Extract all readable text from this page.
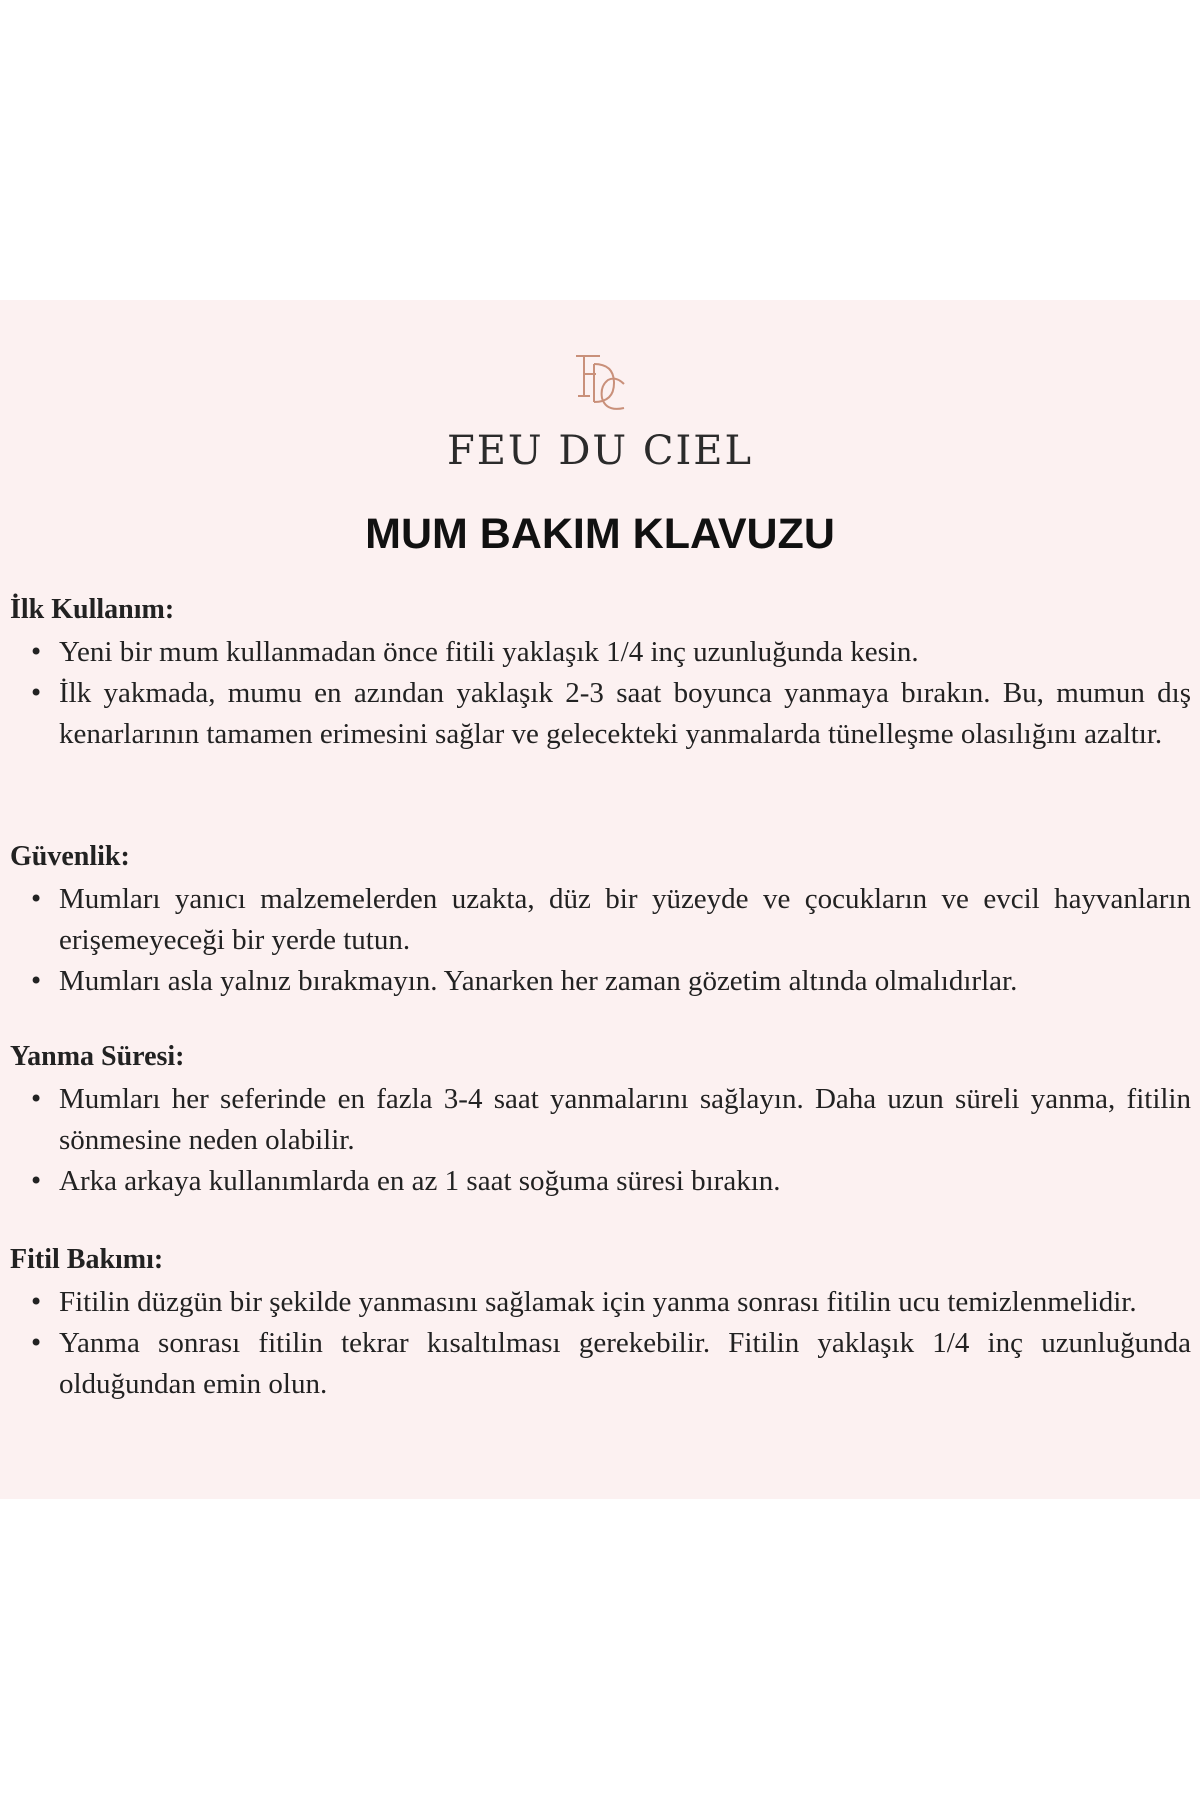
FEU DU CIEL
MUM BAKIM KLAVUZU
İlk Kullanım:
• Yeni bir mum kullanmadan önce fitili yaklaşık 1/4 inç uzunluğunda kesin.
• İlk yakmada, mumu en azından yaklaşık 2-3 saat boyunca yanmaya bırakın. Bu, mumun dış kenarlarının tamamen erimesini sağlar ve gelecekteki yanmalarda tünelleşme olasılığını azaltır.
Güvenlik:
• Mumları yanıcı malzemelerden uzakta, düz bir yüzeyde ve çocukların ve evcil hayvanların erişemeyeceği bir yerde tutun.
• Mumları asla yalnız bırakmayın. Yanarken her zaman gözetim altında olmalıdırlar.
Yanma Süresi:
• Mumları her seferinde en fazla 3-4 saat yanmalarını sağlayın. Daha uzun süreli yanma, fitilin sönmesine neden olabilir.
• Arka arkaya kullanımlarda en az 1 saat soğuma süresi bırakın.
Fitil Bakımı:
• Fitilin düzgün bir şekilde yanmasını sağlamak için yanma sonrası fitilin ucu temizlenmelidir.
• Yanma sonrası fitilin tekrar kısaltılması gerekebilir. Fitilin yaklaşık 1/4 inç uzunluğunda olduğundan emin olun.
